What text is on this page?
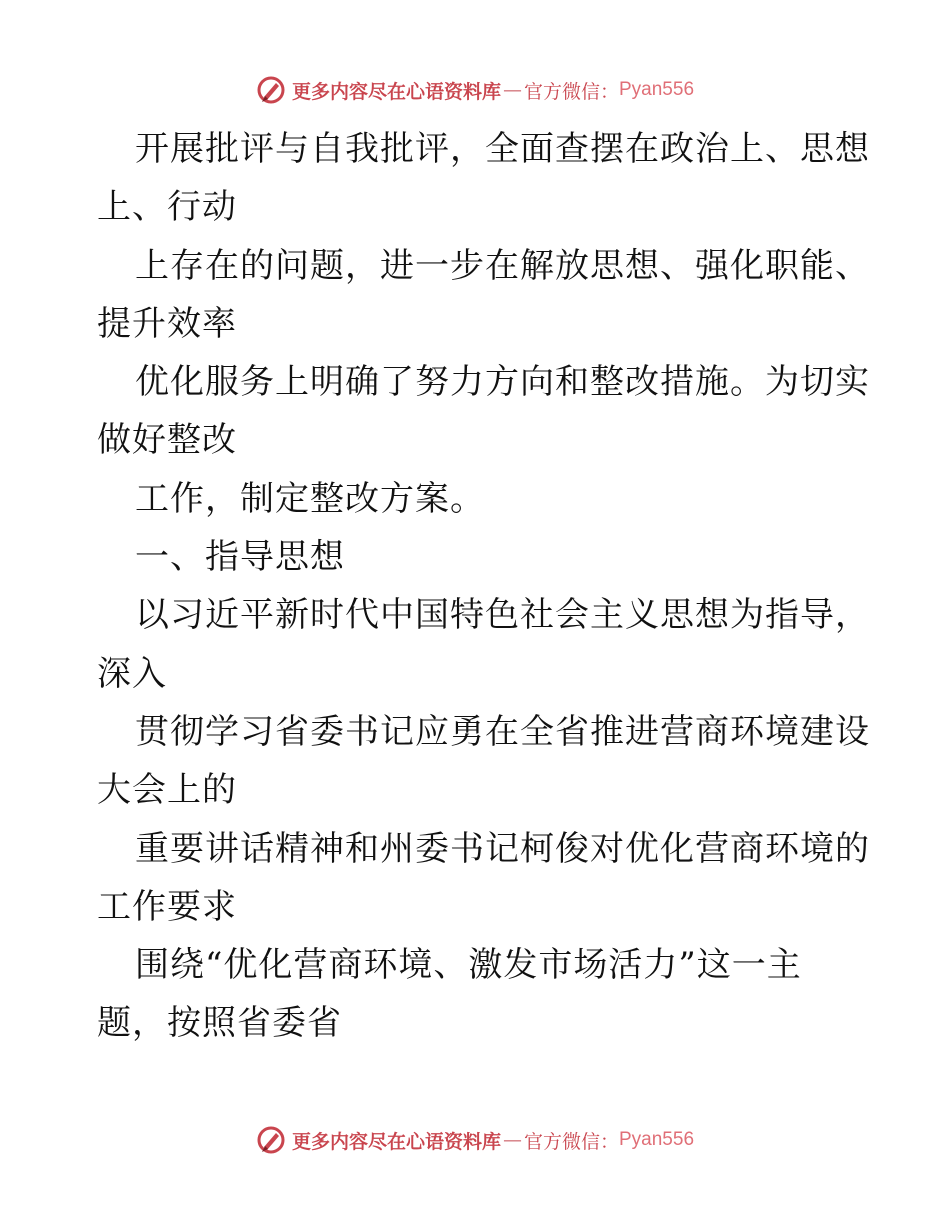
更多内容尽在心语资料库 — 官方微信： Pyan556
开展批评与自我批评，全面查摆在政治上、思想
上、行动
上存在的问题，进一步在解放思想、强化职能、
提升效率
优化服务上明确了努力方向和整改措施。为切实
做好整改
工作，制定整改方案。
一、指导思想
以习近平新时代中国特色社会主义思想为指导，
深入
贯彻学习省委书记应勇在全省推进营商环境建设
大会上的
重要讲话精神和州委书记柯俊对优化营商环境的
工作要求
围绕“优化营商环境、激发市场活力”这一主
题，按照省委省
更多内容尽在心语资料库 — 官方微信： Pyan556
